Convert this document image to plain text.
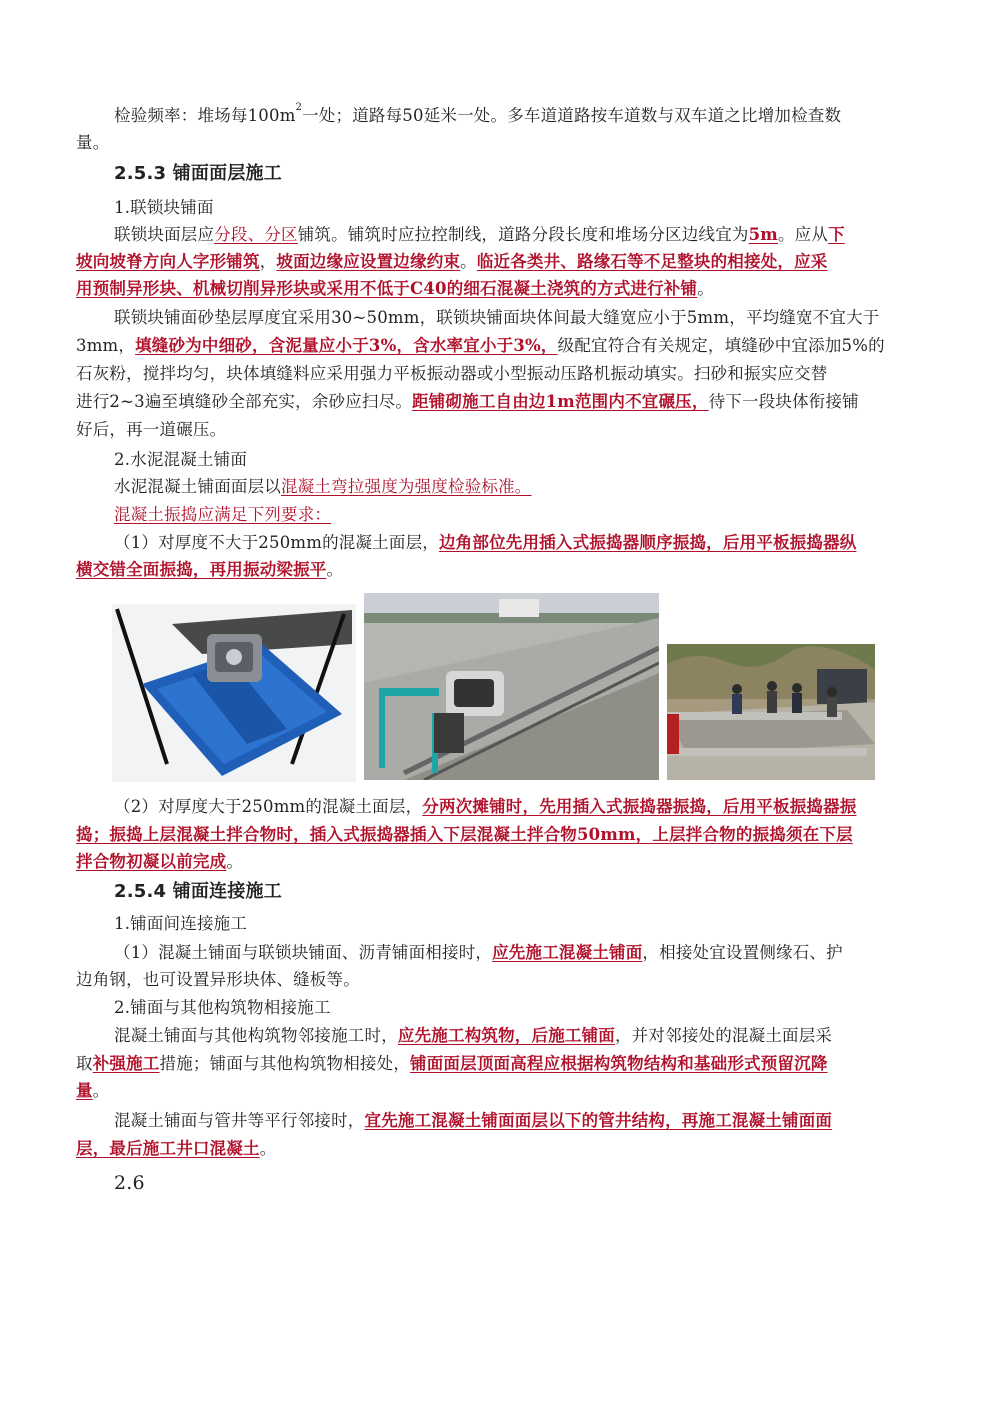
检验频率：堆场每$100m^2$一处；道路每50延米一处。多车道道路按车道数与双车道之比增加检查数
量。
2.5.3 铺面面层施工
1.联锁块铺面
联锁块面层应分段、分区铺筑。铺筑时应拉控制线，道路分段长度和堆场分区边线宜为5m。应从下
坡向坡脊方向人字形铺筑，坡面边缘应设置边缘约束。临近各类井、路缘石等不足整块的相接处，应采
用预制异形块、机械切削异形块或采用不低于C40的细石混凝土浇筑的方式进行补铺。
联锁块铺面砂垫层厚度宜采用30~50mm，联锁块铺面块体间最大缝宽应小于5mm，平均缝宽不宜大于
3mm，填缝砂为中细砂，含泥量应小于3%，含水率宜小于3%，级配宜符合有关规定，填缝砂中宜添加5%的
石灰粉，搅拌均匀，块体填缝料应采用强力平板振动器或小型振动压路机振动填实。扫砂和振实应交替
进行2~3遍至填缝砂全部充实，余砂应扫尽。距铺砌施工自由边1m范围内不宜碾压，待下一段块体衔接铺
好后，再一道碾压。
2.水泥混凝土铺面
水泥混凝土铺面面层以混凝土弯拉强度为强度检验标准。
混凝土振捣应满足下列要求：
（1）对厚度不大于250mm的混凝土面层，边角部位先用插入式振捣器顺序振捣，后用平板振捣器纵
横交错全面振捣，再用振动梁振平。
（2）对厚度大于250mm的混凝土面层，分两次摊铺时，先用插入式振捣器振捣，后用平板振捣器振
捣；振捣上层混凝土拌合物时，插入式振捣器插入下层混凝土拌合物50mm，上层拌合物的振捣须在下层
拌合物初凝以前完成。
2.5.4 铺面连接施工
1.铺面间连接施工
（1）混凝土铺面与联锁块铺面、沥青铺面相接时，应先施工混凝土铺面，相接处宜设置侧缘石、护
边角钢，也可设置异形块体、缝板等。
2.铺面与其他构筑物相接施工
混凝土铺面与其他构筑物邻接施工时，应先施工构筑物，后施工铺面，并对邻接处的混凝土面层采
取补强施工措施；铺面与其他构筑物相接处，铺面面层顶面高程应根据构筑物结构和基础形式预留沉降
量。
混凝土铺面与管井等平行邻接时，宜先施工混凝土铺面面层以下的管井结构，再施工混凝土铺面面
层，最后施工井口混凝土。
2.6
